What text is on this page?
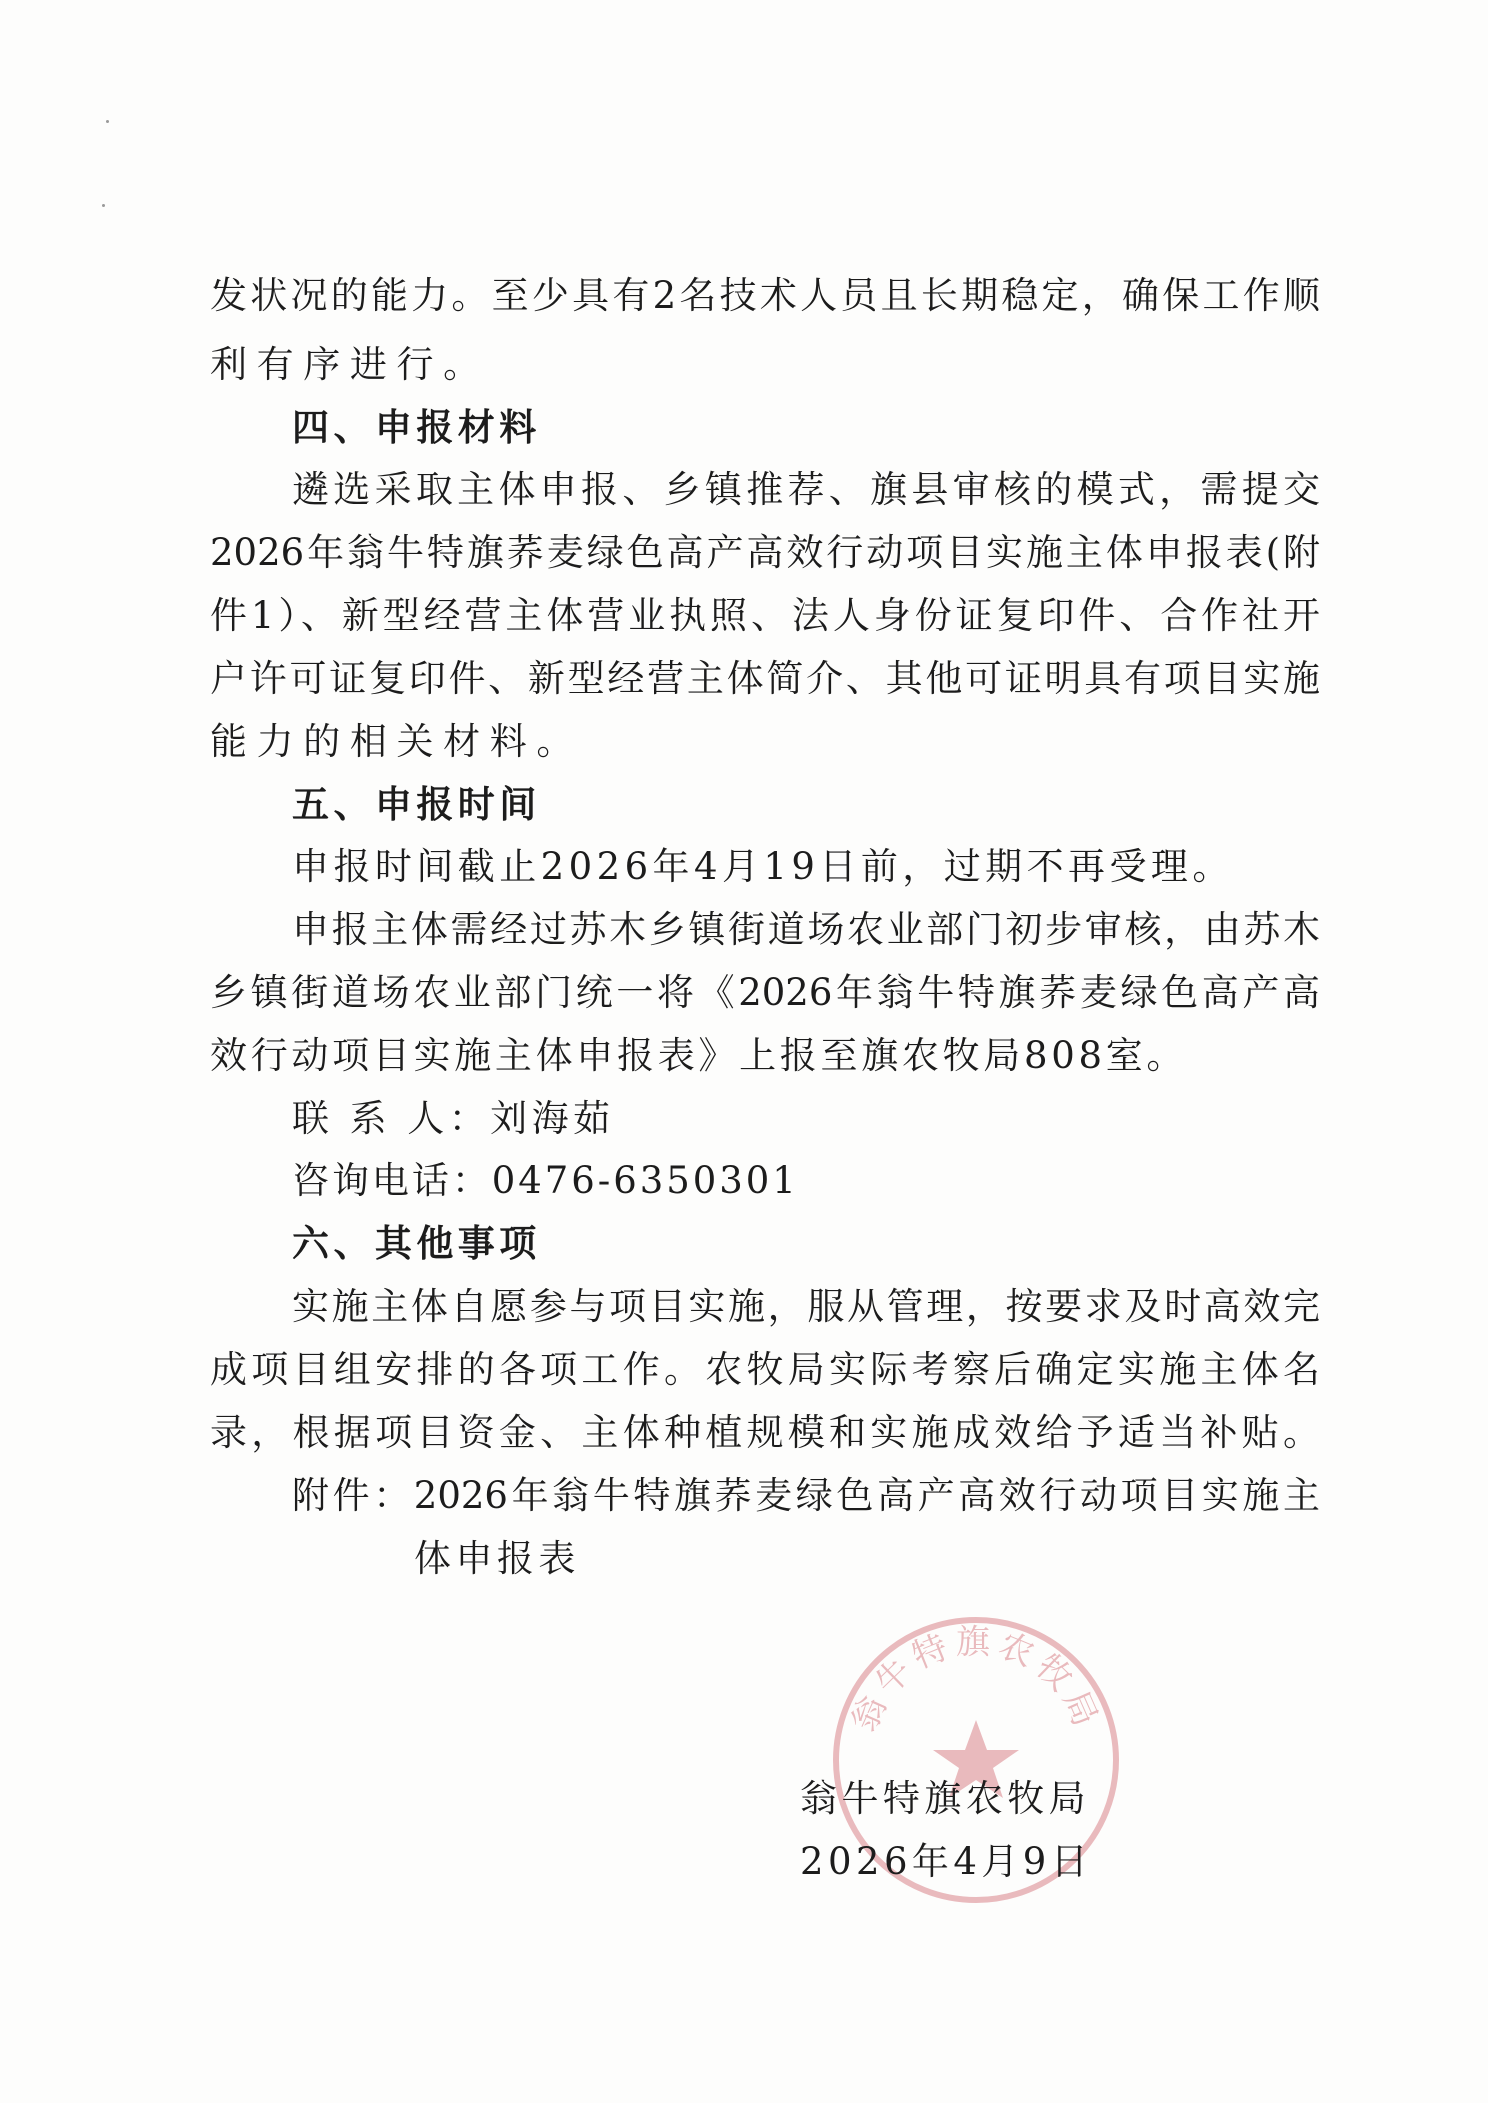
发状况的能力。至少具有2名技术人员且长期稳定，确保工作顺
利有序进行。
四、申报材料
遴选采取主体申报、乡镇推荐、旗县审核的模式，需提交
2026年翁牛特旗荞麦绿色高产高效行动项目实施主体申报表(附
件1）、新型经营主体营业执照、法人身份证复印件、合作社开
户许可证复印件、新型经营主体简介、其他可证明具有项目实施
能力的相关材料。
五、申报时间
申报时间截止2026年4月19日前，过期不再受理。
申报主体需经过苏木乡镇街道场农业部门初步审核，由苏木
乡镇街道场农业部门统一将《2026年翁牛特旗荞麦绿色高产高
效行动项目实施主体申报表》上报至旗农牧局808室。
联 系 人：刘海茹
咨询电话：0476-6350301
六、其他事项
实施主体自愿参与项目实施，服从管理，按要求及时高效完
成项目组安排的各项工作。农牧局实际考察后确定实施主体名
录，根据项目资金、主体种植规模和实施成效给予适当补贴。
附件：2026年翁牛特旗荞麦绿色高产高效行动项目实施主
体申报表
翁牛特旗农牧局
翁牛特旗农牧局
2026年4月9日
